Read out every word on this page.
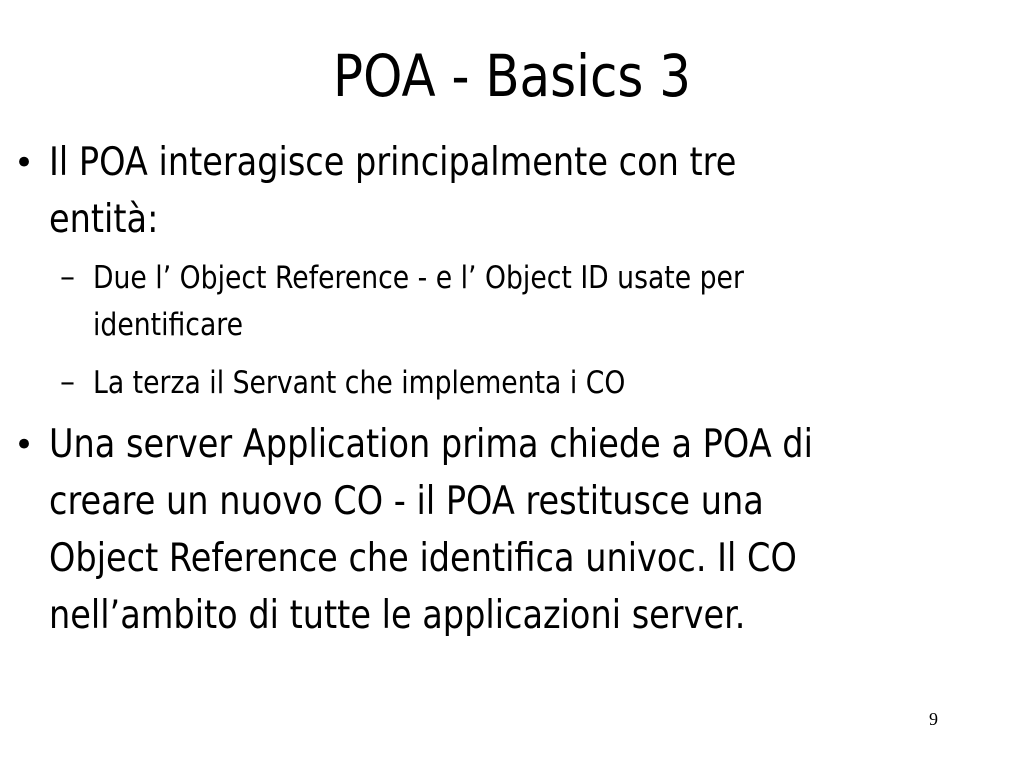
POA - Basics 3
• Il POA interagisce principalmente con tre
entità:
– Due l’ Object Reference - e l’ Object ID usate per
identificare
– La terza il Servant che implementa i CO
• Una server Application prima chiede a POA di
creare un nuovo CO - il POA restitusce una
Object Reference che identifica univoc. Il CO
nell’ambito di tutte le applicazioni server.
9
